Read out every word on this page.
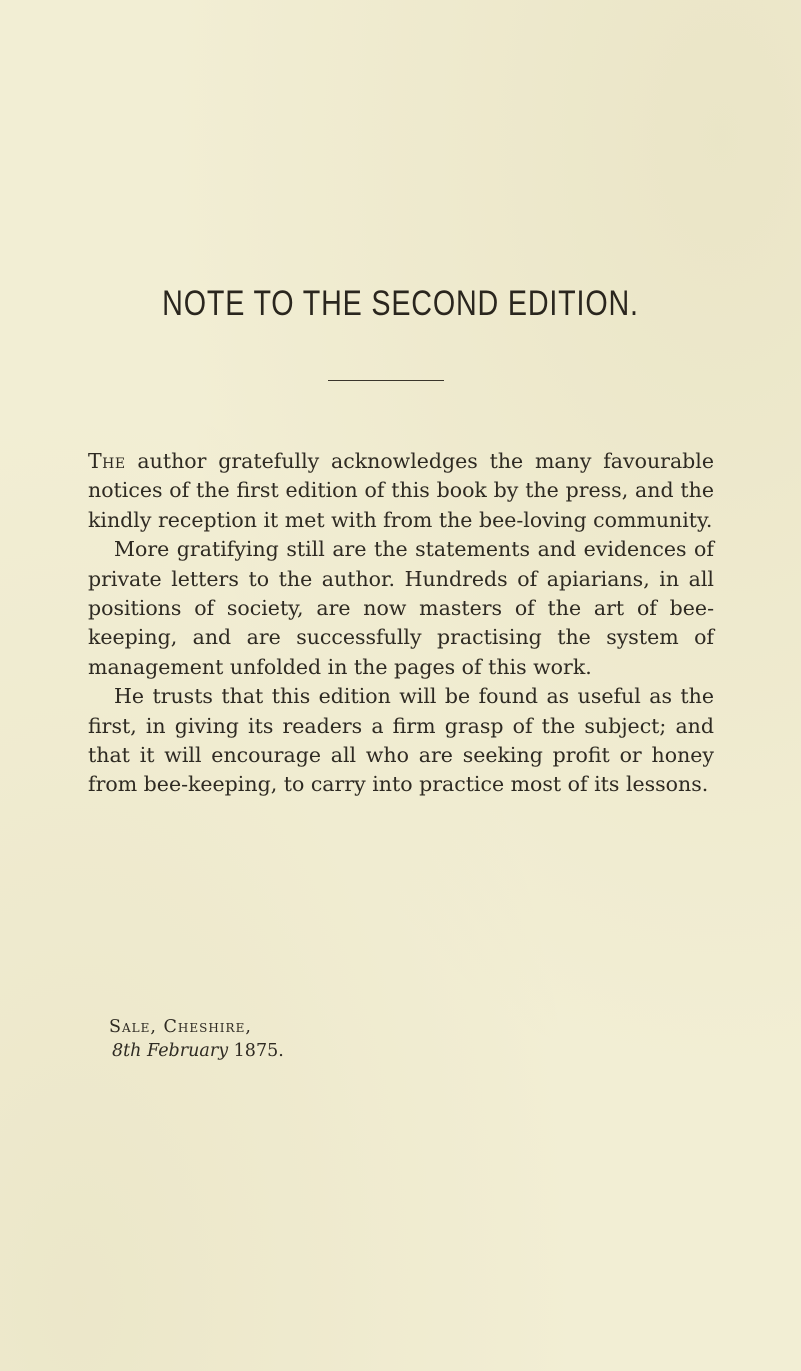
NOTE TO THE SECOND EDITION.

The author gratefully acknowledges the many favourable notices of the first edition of this book by the press, and the kindly reception it met with from the bee-loving community.

More gratifying still are the statements and evidences of private letters to the author. Hundreds of apiarians, in all positions of society, are now masters of the art of bee-keeping, and are successfully practising the system of management unfolded in the pages of this work.

He trusts that this edition will be found as useful as the first, in giving its readers a firm grasp of the subject; and that it will encourage all who are seeking profit or honey from bee-keeping, to carry into practice most of its lessons.

Sale, Cheshire,
8th February 1875.
